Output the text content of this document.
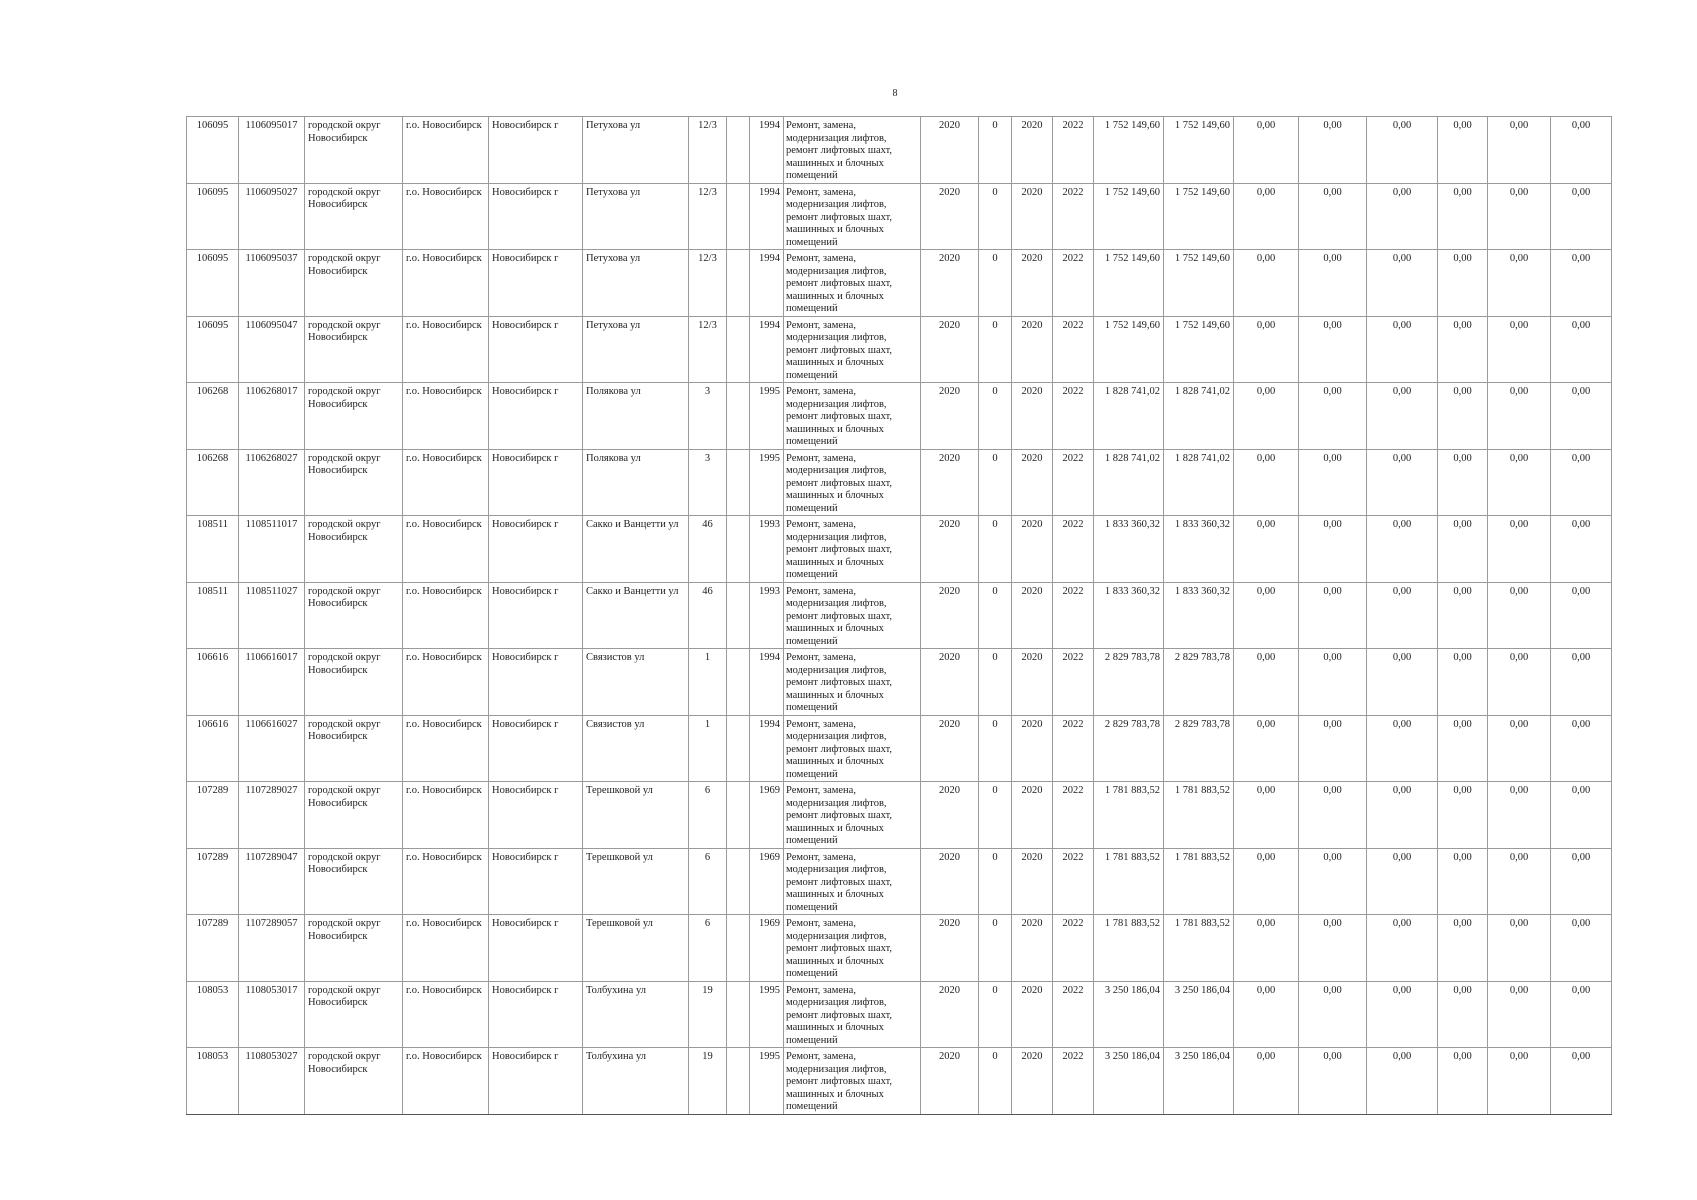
8
106095	1106095017	городской округ Новосибирск	г.о. Новосибирск	Новосибирск г	Петухова ул	12/3		1994	Ремонт, замена, модернизация лифтов, ремонт лифтовых шахт, машинных и блочных помещений	2020	0	2020	2022	1 752 149,60	1 752 149,60	0,00	0,00	0,00	0,00	0,00	0,00
106095	1106095027	городской округ Новосибирск	г.о. Новосибирск	Новосибирск г	Петухова ул	12/3		1994	Ремонт, замена, модернизация лифтов, ремонт лифтовых шахт, машинных и блочных помещений	2020	0	2020	2022	1 752 149,60	1 752 149,60	0,00	0,00	0,00	0,00	0,00	0,00
106095	1106095037	городской округ Новосибирск	г.о. Новосибирск	Новосибирск г	Петухова ул	12/3		1994	Ремонт, замена, модернизация лифтов, ремонт лифтовых шахт, машинных и блочных помещений	2020	0	2020	2022	1 752 149,60	1 752 149,60	0,00	0,00	0,00	0,00	0,00	0,00
106095	1106095047	городской округ Новосибирск	г.о. Новосибирск	Новосибирск г	Петухова ул	12/3		1994	Ремонт, замена, модернизация лифтов, ремонт лифтовых шахт, машинных и блочных помещений	2020	0	2020	2022	1 752 149,60	1 752 149,60	0,00	0,00	0,00	0,00	0,00	0,00
106268	1106268017	городской округ Новосибирск	г.о. Новосибирск	Новосибирск г	Полякова ул	3		1995	Ремонт, замена, модернизация лифтов, ремонт лифтовых шахт, машинных и блочных помещений	2020	0	2020	2022	1 828 741,02	1 828 741,02	0,00	0,00	0,00	0,00	0,00	0,00
106268	1106268027	городской округ Новосибирск	г.о. Новосибирск	Новосибирск г	Полякова ул	3		1995	Ремонт, замена, модернизация лифтов, ремонт лифтовых шахт, машинных и блочных помещений	2020	0	2020	2022	1 828 741,02	1 828 741,02	0,00	0,00	0,00	0,00	0,00	0,00
108511	1108511017	городской округ Новосибирск	г.о. Новосибирск	Новосибирск г	Сакко и Ванцетти ул	46		1993	Ремонт, замена, модернизация лифтов, ремонт лифтовых шахт, машинных и блочных помещений	2020	0	2020	2022	1 833 360,32	1 833 360,32	0,00	0,00	0,00	0,00	0,00	0,00
108511	1108511027	городской округ Новосибирск	г.о. Новосибирск	Новосибирск г	Сакко и Ванцетти ул	46		1993	Ремонт, замена, модернизация лифтов, ремонт лифтовых шахт, машинных и блочных помещений	2020	0	2020	2022	1 833 360,32	1 833 360,32	0,00	0,00	0,00	0,00	0,00	0,00
106616	1106616017	городской округ Новосибирск	г.о. Новосибирск	Новосибирск г	Связистов ул	1		1994	Ремонт, замена, модернизация лифтов, ремонт лифтовых шахт, машинных и блочных помещений	2020	0	2020	2022	2 829 783,78	2 829 783,78	0,00	0,00	0,00	0,00	0,00	0,00
106616	1106616027	городской округ Новосибирск	г.о. Новосибирск	Новосибирск г	Связистов ул	1		1994	Ремонт, замена, модернизация лифтов, ремонт лифтовых шахт, машинных и блочных помещений	2020	0	2020	2022	2 829 783,78	2 829 783,78	0,00	0,00	0,00	0,00	0,00	0,00
107289	1107289027	городской округ Новосибирск	г.о. Новосибирск	Новосибирск г	Терешковой ул	6		1969	Ремонт, замена, модернизация лифтов, ремонт лифтовых шахт, машинных и блочных помещений	2020	0	2020	2022	1 781 883,52	1 781 883,52	0,00	0,00	0,00	0,00	0,00	0,00
107289	1107289047	городской округ Новосибирск	г.о. Новосибирск	Новосибирск г	Терешковой ул	6		1969	Ремонт, замена, модернизация лифтов, ремонт лифтовых шахт, машинных и блочных помещений	2020	0	2020	2022	1 781 883,52	1 781 883,52	0,00	0,00	0,00	0,00	0,00	0,00
107289	1107289057	городской округ Новосибирск	г.о. Новосибирск	Новосибирск г	Терешковой ул	6		1969	Ремонт, замена, модернизация лифтов, ремонт лифтовых шахт, машинных и блочных помещений	2020	0	2020	2022	1 781 883,52	1 781 883,52	0,00	0,00	0,00	0,00	0,00	0,00
108053	1108053017	городской округ Новосибирск	г.о. Новосибирск	Новосибирск г	Толбухина ул	19		1995	Ремонт, замена, модернизация лифтов, ремонт лифтовых шахт, машинных и блочных помещений	2020	0	2020	2022	3 250 186,04	3 250 186,04	0,00	0,00	0,00	0,00	0,00	0,00
108053	1108053027	городской округ Новосибирск	г.о. Новосибирск	Новосибирск г	Толбухина ул	19		1995	Ремонт, замена, модернизация лифтов, ремонт лифтовых шахт, машинных и блочных помещений	2020	0	2020	2022	3 250 186,04	3 250 186,04	0,00	0,00	0,00	0,00	0,00	0,00
